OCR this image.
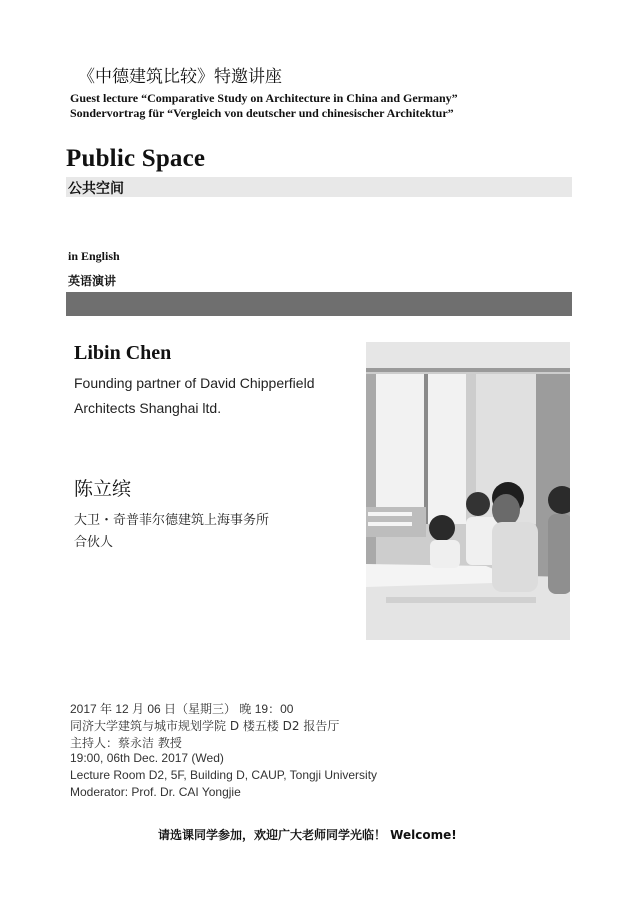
《中德建筑比较》特邀讲座
Guest lecture “Comparative Study on Architecture in China and Germany”
Sondervortrag für “Vergleich von deutscher und chinesischer Architektur”
Public Space
公共空间
in English
英语演讲
Libin Chen
Founding partner of David Chipperfield
Architects Shanghai ltd.
陈立缤
大卫・奇普菲尔德建筑上海事务所
合伙人
2017 年 12 月 06 日（星期三） 晚 19：00
同济大学建筑与城市规划学院 D 楼五楼 D2 报告厅
主持人：蔡永洁 教授
19:00, 06th Dec. 2017 (Wed)
Lecture Room D2, 5F, Building D, CAUP, Tongji University
Moderator: Prof. Dr. CAI Yongjie
请选课同学参加，欢迎广大老师同学光临！ Welcome!
